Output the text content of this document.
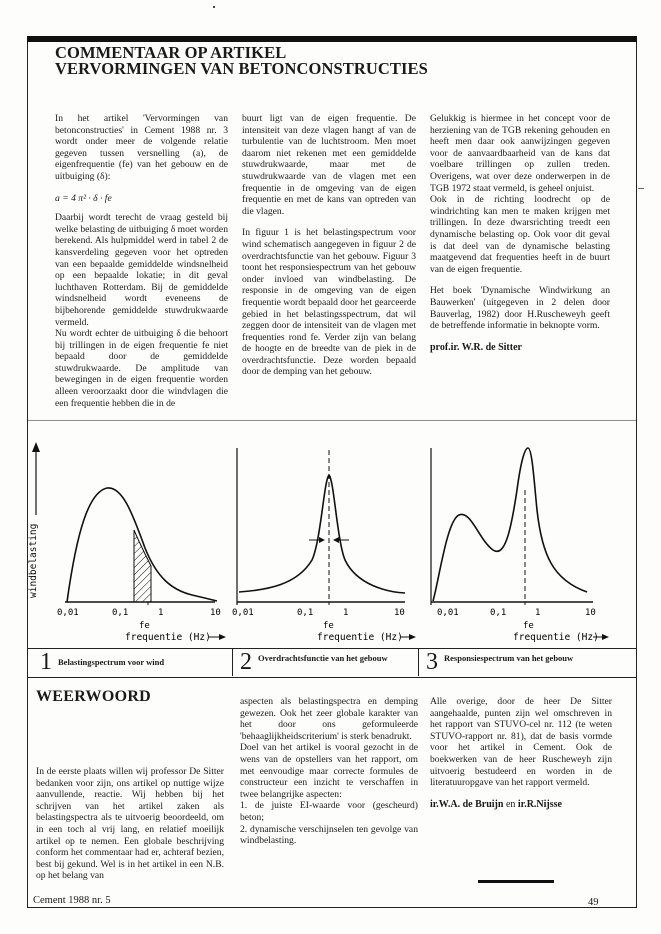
COMMENTAAR OP ARTIKEL
VERVORMINGEN VAN BETONCONSTRUCTIES

In het artikel 'Vervormingen van betonconstructies' in Cement 1988 nr. 3 wordt onder meer de volgende relatie gegeven tussen versnelling (a), de eigenfrequentie (fe) van het gebouw en de uitbuiging (δ):

a = 4 π² · δ · fe

Daarbij wordt terecht de vraag gesteld bij welke belasting de uitbuiging δ moet worden berekend. Als hulpmiddel werd in tabel 2 de kansverdeling gegeven voor het optreden van een bepaalde gemiddelde windsnelheid op een bepaalde lokatie; in dit geval luchthaven Rotterdam. Bij de gemiddelde windsnelheid wordt eveneens de bijbehorende gemiddelde stuwdrukwaarde vermeld.

Nu wordt echter de uitbuiging δ die behoort bij trillingen in de eigen frequentie fe niet bepaald door de gemiddelde stuwdrukwaarde. De amplitude van bewegingen in de eigen frequentie worden alleen veroorzaakt door die windvlagen die een frequentie hebben die in de

buurt ligt van de eigen frequentie. De intensiteit van deze vlagen hangt af van de turbulentie van de luchtstroom. Men moet daarom niet rekenen met een gemiddelde stuwdrukwaarde, maar met de stuwdrukwaarde van de vlagen met een frequentie in de omgeving van de eigen frequentie en met de kans van optreden van die vlagen.

In figuur 1 is het belastingspectrum voor wind schematisch aangegeven in figuur 2 de overdrachtsfunctie van het gebouw. Figuur 3 toont het responsiespectrum van het gebouw onder invloed van windbelasting. De responsie in de omgeving van de eigen frequentie wordt bepaald door het gearceerde gebied in het belastingsspectrum, dat wil zeggen door de intensiteit van de vlagen met frequenties rond fe. Verder zijn van belang de hoogte en de breedte van de piek in de overdrachtsfunctie. Deze worden bepaald door de demping van het gebouw.

Gelukkig is hiermee in het concept voor de herziening van de TGB rekening gehouden en heeft men daar ook aanwijzingen gegeven voor de aanvaardbaarheid van de kans dat voelbare trillingen op zullen treden. Overigens, wat over deze onderwerpen in de TGB 1972 staat vermeld, is geheel onjuist.

Ook in de richting loodrecht op de windrichting kan men te maken krijgen met trillingen. In deze dwarsrichting treedt een dynamische belasting op. Ook voor dit geval is dat deel van de dynamische belasting maatgevend dat frequenties heeft in de buurt van de eigen frequentie.

Het boek 'Dynamische Windwirkung an Bauwerken' (uitgegeven in 2 delen door Bauverlag, 1982) door H.Ruscheweyh geeft de betreffende informatie in beknopte vorm.

prof.ir. W.R. de Sitter

windbelasting
0,01	0,1	1	10
fe
frequentie (Hz)
0,01	0,1	1	10
fe
frequentie (Hz)
0,01	0,1	1	10
fe
frequentie (Hz)
1 Belastingspectrum voor wind	2 Overdrachtsfunctie van het gebouw 3 Responsiespectrum van het gebouw
WEERWOORD

In de eerste plaats willen wij professor De Sitter bedanken voor zijn, ons artikel op nuttige wijze aanvullende, reactie. Wij hebben bij het schrijven van het artikel zaken als belastingspectra als te uitvoerig beoordeeld, om in een toch al vrij lang, en relatief moeilijk artikel op te nemen. Een globale beschrijving conform het commentaar had er, achteraf bezien, best bij gekund. Wel is in het artikel in een N.B. op het belang van

aspecten als belastingspectra en demping gewezen. Ook het zeer globale karakter van het door ons geformuleerde 'behaaglijkheidscriterium' is sterk benadrukt.

Doel van het artikel is vooral gezocht in de wens van de opstellers van het rapport, om met eenvoudige maar correcte formules de constructeur een inzicht te verschaffen in twee belangrijke aspecten:

1. de juiste EI-waarde voor (gescheurd) beton;

2. dynamische verschijnselen ten gevolge van windbelasting.

Alle overige, door de heer De Sitter aangehaalde, punten zijn wel omschreven in het rapport van STUVO-cel nr. 112 (te weten STUVO-rapport nr. 81), dat de basis vormde voor het artikel in Cement. Ook de boekwerken van de heer Ruscheweyh zijn uitvoerig bestudeerd en worden in de literatuuropgave van het rapport vermeld.

ir.W.A. de Bruijn en ir.R.Nijsse

Cement 1988 nr. 5	49
